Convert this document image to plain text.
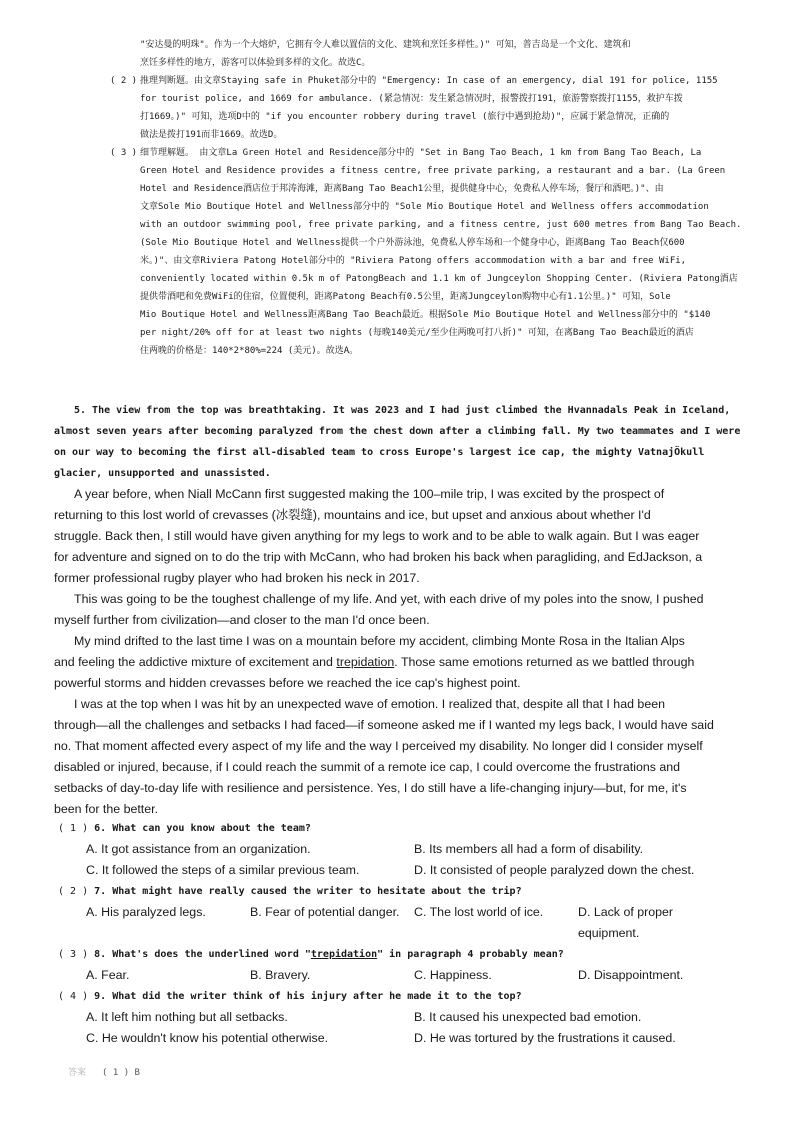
"安达曼的明珠"。作为一个大熔炉，它拥有令人难以置信的文化、建筑和烹饪多样性。)" 可知，普吉岛是一个文化、建筑和
烹饪多样性的地方，游客可以体验到多样的文化。故选C。
( 2 ) 推理判断题。由文章Staying safe in Phuket部分中的 "Emergency: In case of an emergency, dial 191 for police, 1155
for tourist police, and 1669 for ambulance. (紧急情况：发生紧急情况时，报警拨打191，旅游警察拨打1155，救护车拨
打1669。)" 可知，选项D中的 "if you encounter robbery during travel (旅行中遇到抢劫)"，应属于紧急情况，正确的
做法是拨打191而非1669。故选D。
( 3 ) 细节理解题。 由文章La Green Hotel and Residence部分中的 "Set in Bang Tao Beach, 1 km from Bang Tao Beach, La
Green Hotel and Residence provides a fitness centre, free private parking, a restaurant and a bar. (La Green
Hotel and Residence酒店位于邦涛海滩，距离Bang Tao Beach1公里，提供健身中心，免费私人停车场，餐厅和酒吧。)"、由
文章Sole Mio Boutique Hotel and Wellness部分中的 "Sole Mio Boutique Hotel and Wellness offers accommodation
with an outdoor swimming pool, free private parking, and a fitness centre, just 600 metres from Bang Tao Beach.
(Sole Mio Boutique Hotel and Wellness提供一个户外游泳池，免费私人停车场和一个健身中心，距离Bang Tao Beach仅600
米。)"、由文章Riviera Patong Hotel部分中的 "Riviera Patong offers accommodation with a bar and free WiFi,
conveniently located within 0.5k m of PatongBeach and 1.1 km of Jungceylon Shopping Center. (Riviera Patong酒店
提供带酒吧和免费WiFi的住宿，位置便利，距离Patong Beach有0.5公里，距离Jungceylon购物中心有1.1公里。)" 可知，Sole
Mio Boutique Hotel and Wellness距离Bang Tao Beach最近。根据Sole Mio Boutique Hotel and Wellness部分中的 "$140
per night/20% off for at least two nights (每晚140美元/至少住两晚可打八折)" 可知，在离Bang Tao Beach最近的酒店
住两晚的价格是：140*2*80%=224 (美元)。故选A。
5. The view from the top was breathtaking. It was 2023 and I had just climbed the Hvannadals Peak in Iceland,
almost seven years after becoming paralyzed from the chest down after a climbing fall. My two teammates and I were
on our way to becoming the first all-disabled team to cross Europe's largest ice cap, the mighty VatnajÖkull
glacier, unsupported and unassisted.
A year before, when Niall McCann first suggested making the 100–mile trip, I was excited by the prospect of
returning to this lost world of crevasses (冰裂缝), mountains and ice, but upset and anxious about whether I'd
struggle. Back then, I still would have given anything for my legs to work and to be able to walk again. But I was eager
for adventure and signed on to do the trip with McCann, who had broken his back when paragliding, and EdJackson, a
former professional rugby player who had broken his neck in 2017.
This was going to be the toughest challenge of my life. And yet, with each drive of my poles into the snow, I pushed
myself further from civilization—and closer to the man I'd once been.
My mind drifted to the last time I was on a mountain before my accident, climbing Monte Rosa in the Italian Alps
and feeling the addictive mixture of excitement and trepidation. Those same emotions returned as we battled through
powerful storms and hidden crevasses before we reached the ice cap's highest point.
I was at the top when I was hit by an unexpected wave of emotion. I realized that, despite all that I had been
through—all the challenges and setbacks I had faced—if someone asked me if I wanted my legs back, I would have said
no. That moment affected every aspect of my life and the way I perceived my disability. No longer did I consider myself
disabled or injured, because, if I could reach the summit of a remote ice cap, I could overcome the frustrations and
setbacks of day-to-day life with resilience and persistence. Yes, I do still have a life-changing injury—but, for me, it's
been for the better.
( 1 ) 6. What can you know about the team?
A. It got assistance from an organization.	B. Its members all had a form of disability.
C. It followed the steps of a similar previous team.	D. It consisted of people paralyzed down the chest.
( 2 ) 7. What might have really caused the writer to hesitate about the trip?
A. His paralyzed legs.	B. Fear of potential danger. C. The lost world of ice.	D. Lack of proper equipment.
( 3 ) 8. What's does the underlined word "trepidation" in paragraph 4 probably mean?
A. Fear.	B. Bravery.	C. Happiness.	D. Disappointment.
( 4 ) 9. What did the writer think of his injury after he made it to the top?
A. It left him nothing but all setbacks.	B. It caused his unexpected bad emotion.
C. He wouldn't know his potential otherwise.	D. He was tortured by the frustrations it caused.
答案 ( 1 ) B
